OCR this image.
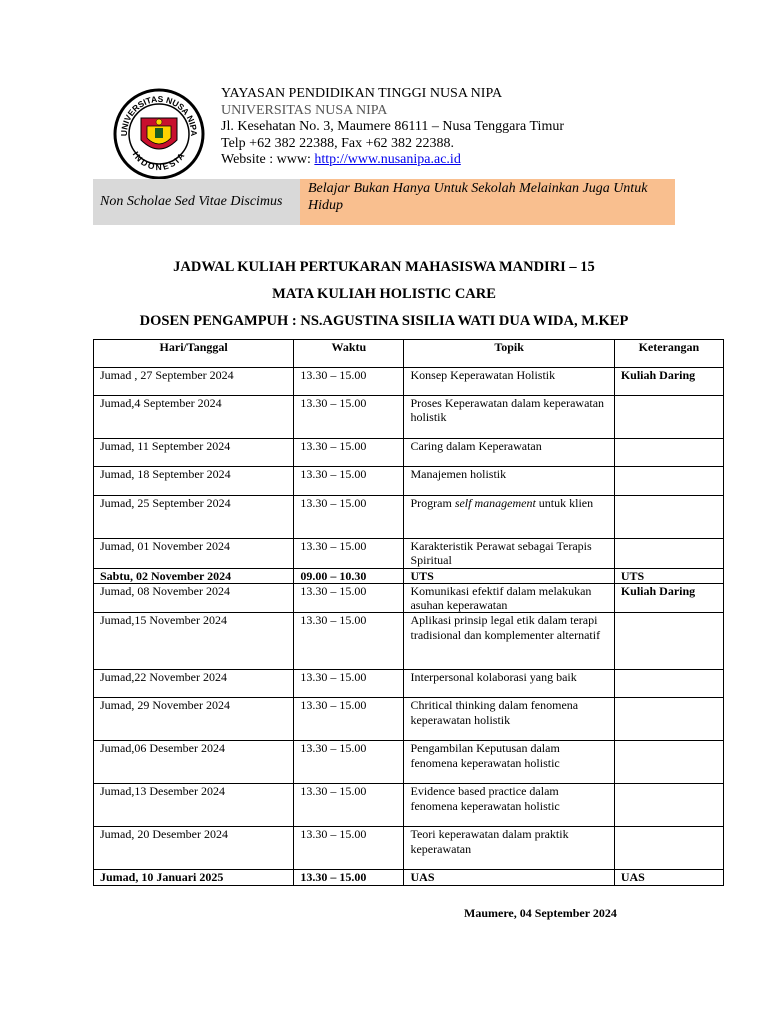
UNIVERSITAS NUSA NIPA
INDONESIA
YAYASAN PENDIDIKAN TINGGI NUSA NIPA
UNIVERSITAS NUSA NIPA
Jl. Kesehatan No. 3, Maumere 86111 – Nusa Tenggara Timur
Telp +62 382 22388, Fax +62 382 22388.
Website : www: http://www.nusanipa.ac.id
Non Scholae Sed Vitae Discimus
Belajar Bukan Hanya Untuk Sekolah Melainkan Juga Untuk Hidup
JADWAL KULIAH PERTUKARAN MAHASISWA MANDIRI – 15
MATA KULIAH HOLISTIC CARE
DOSEN PENGAMPUH : NS.AGUSTINA SISILIA WATI DUA WIDA, M.KEP
Hari/Tanggal	Waktu	Topik	Keterangan
Jumad , 27 September 2024	13.30 – 15.00	Konsep Keperawatan Holistik	Kuliah Daring
Jumad,4 September 2024	13.30 – 15.00	Proses Keperawatan dalam keperawatan holistik	
Jumad, 11 September 2024	13.30 – 15.00	Caring dalam Keperawatan	
Jumad, 18 September 2024	13.30 – 15.00	Manajemen holistik	
Jumad, 25 September 2024	13.30 – 15.00	Program self management untuk klien	
Jumad, 01 November 2024	13.30 – 15.00	Karakteristik Perawat sebagai Terapis Spiritual	
Sabtu, 02 November 2024	09.00 – 10.30	UTS	UTS
Jumad, 08 November 2024	13.30 – 15.00	Komunikasi efektif dalam melakukan asuhan keperawatan	Kuliah Daring
Jumad,15 November 2024	13.30 – 15.00	Aplikasi prinsip legal etik dalam terapi tradisional dan komplementer alternatif	
Jumad,22 November 2024	13.30 – 15.00	Interpersonal kolaborasi yang baik	
Jumad, 29 November 2024	13.30 – 15.00	Chritical thinking dalam fenomena keperawatan holistik	
Jumad,06 Desember 2024	13.30 – 15.00	Pengambilan Keputusan dalam fenomena keperawatan holistic	
Jumad,13 Desember 2024	13.30 – 15.00	Evidence based practice dalam fenomena keperawatan holistic	
Jumad, 20 Desember 2024	13.30 – 15.00	Teori keperawatan dalam praktik keperawatan	
Jumad, 10 Januari 2025	13.30 – 15.00	UAS	UAS
Maumere, 04 September 2024
